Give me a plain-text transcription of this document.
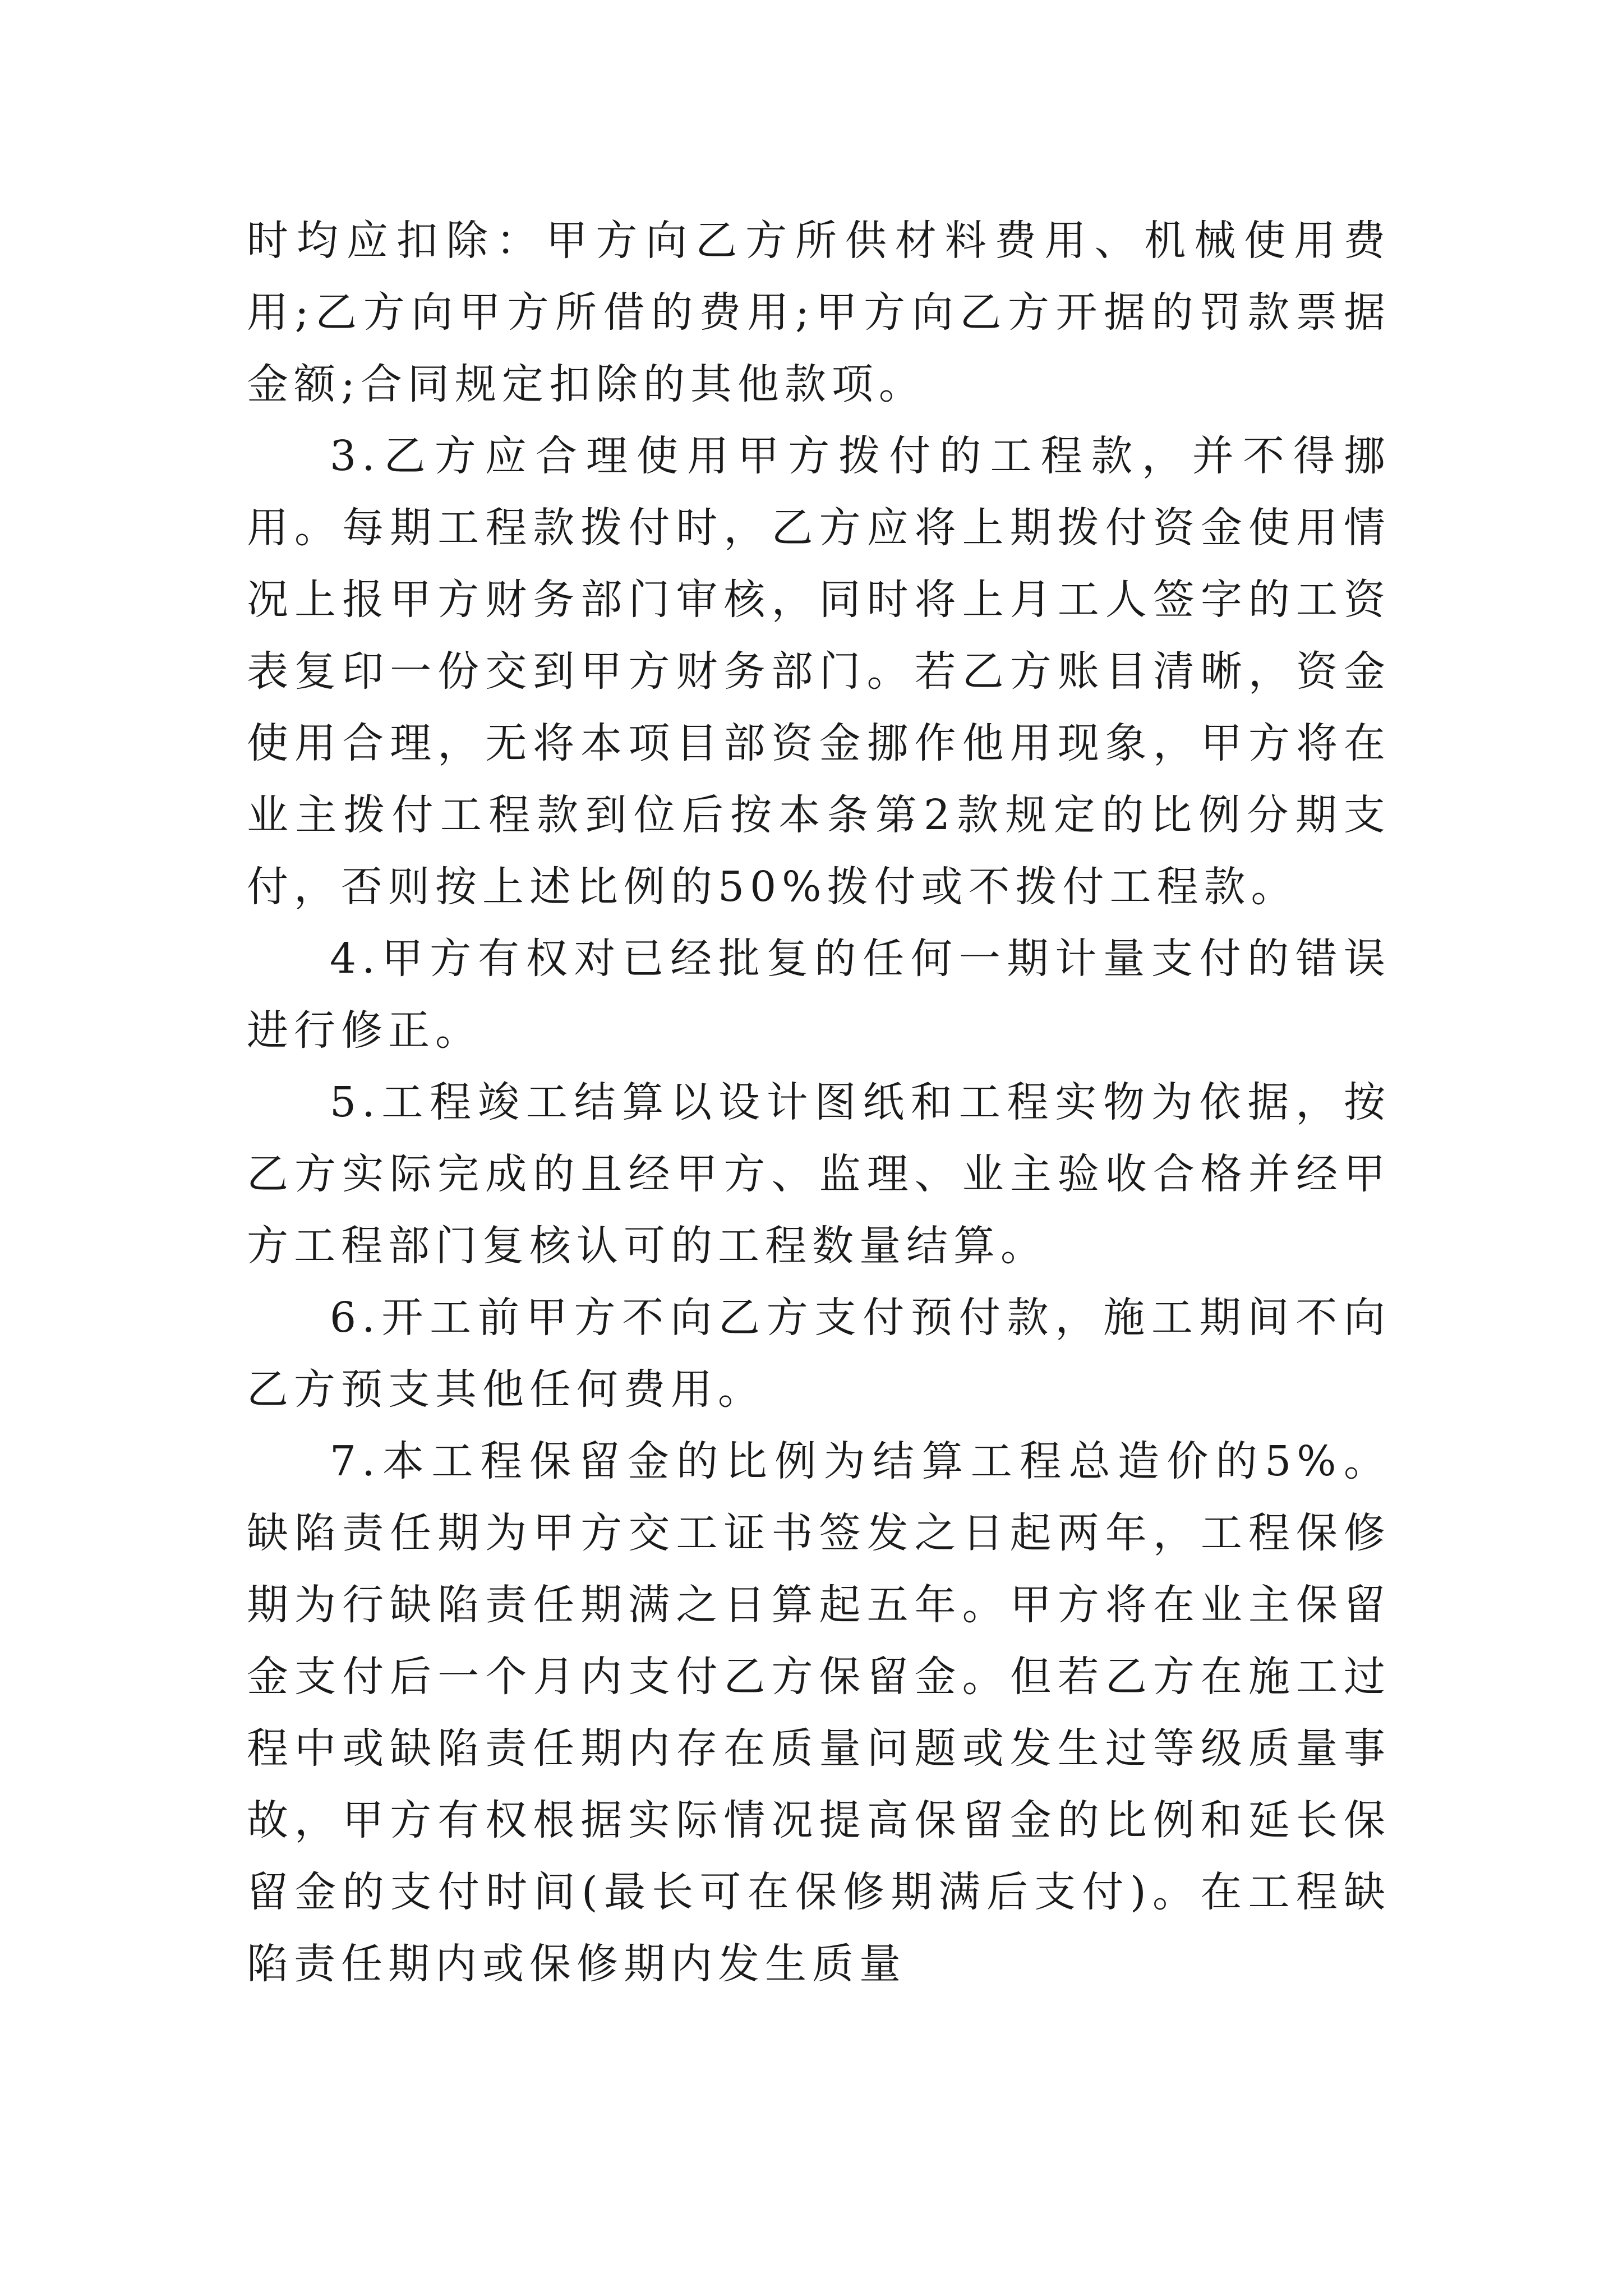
时均应扣除：甲方向乙方所供材料费用、机械使用费用;乙方向甲方所借的费用;甲方向乙方开据的罚款票据金额;合同规定扣除的其他款项。

3.乙方应合理使用甲方拨付的工程款，并不得挪用。每期工程款拨付时，乙方应将上期拨付资金使用情况上报甲方财务部门审核，同时将上月工人签字的工资表复印一份交到甲方财务部门。若乙方账目清晰，资金使用合理，无将本项目部资金挪作他用现象，甲方将在业主拨付工程款到位后按本条第2款规定的比例分期支付，否则按上述比例的50%拨付或不拨付工程款。

4.甲方有权对已经批复的任何一期计量支付的错误进行修正。

5.工程竣工结算以设计图纸和工程实物为依据，按乙方实际完成的且经甲方、监理、业主验收合格并经甲方工程部门复核认可的工程数量结算。

6.开工前甲方不向乙方支付预付款，施工期间不向乙方预支其他任何费用。

7.本工程保留金的比例为结算工程总造价的5%。缺陷责任期为甲方交工证书签发之日起两年，工程保修期为行缺陷责任期满之日算起五年。甲方将在业主保留金支付后一个月内支付乙方保留金。但若乙方在施工过程中或缺陷责任期内存在质量问题或发生过等级质量事故，甲方有权根据实际情况提高保留金的比例和延长保留金的支付时间(最长可在保修期满后支付)。在工程缺陷责任期内或保修期内发生质量
